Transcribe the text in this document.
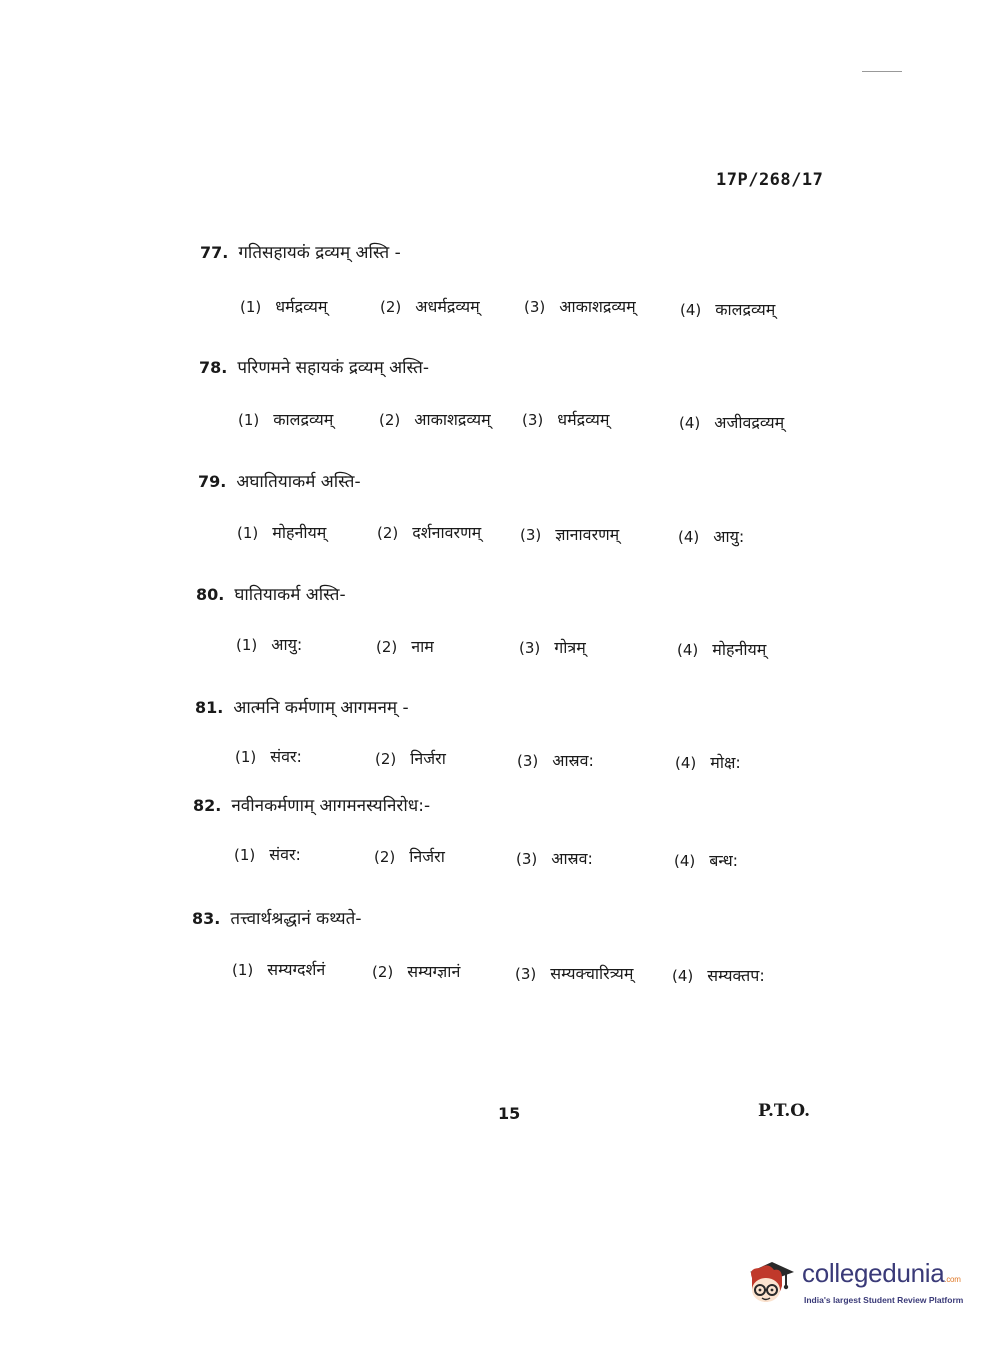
17P/268/17
77. गतिसहायकं द्रव्यम् अस्ति -
(1) धर्मद्रव्यम्	(2) अधर्मद्रव्यम्	(3) आकाशद्रव्यम्	(4) कालद्रव्यम्
78. परिणमने सहायकं द्रव्यम् अस्ति-
(1) कालद्रव्यम्	(2) आकाशद्रव्यम् (3) धर्मद्रव्यम्	(4) अजीवद्रव्यम्
79. अघातियाकर्म अस्ति-
(1) मोहनीयम्	(2) दर्शनावरणम्	(3) ज्ञानावरणम्	(4) आयु:
80. घातियाकर्म अस्ति-
(1) आयु:	(2) नाम	(3) गोत्रम्	(4) मोहनीयम्
81. आत्मनि कर्मणाम् आगमनम् -
(1) संवर:	(2) निर्जरा	(3) आस्रव:	(4) मोक्ष:
82. नवीनकर्मणाम् आगमनस्यनिरोध:-
(1) संवर:	(2) निर्जरा	(3) आस्रव:	(4) बन्ध:
83. तत्त्वार्थश्रद्धानं कथ्यते-
(1) सम्यग्दर्शनं	(2) सम्यग्ज्ञानं	(3) सम्यक्चारित्र्यम्	(4) सम्यक्तप:
15	P.T.O.
collegedunia.com
India's largest Student Review Platform
